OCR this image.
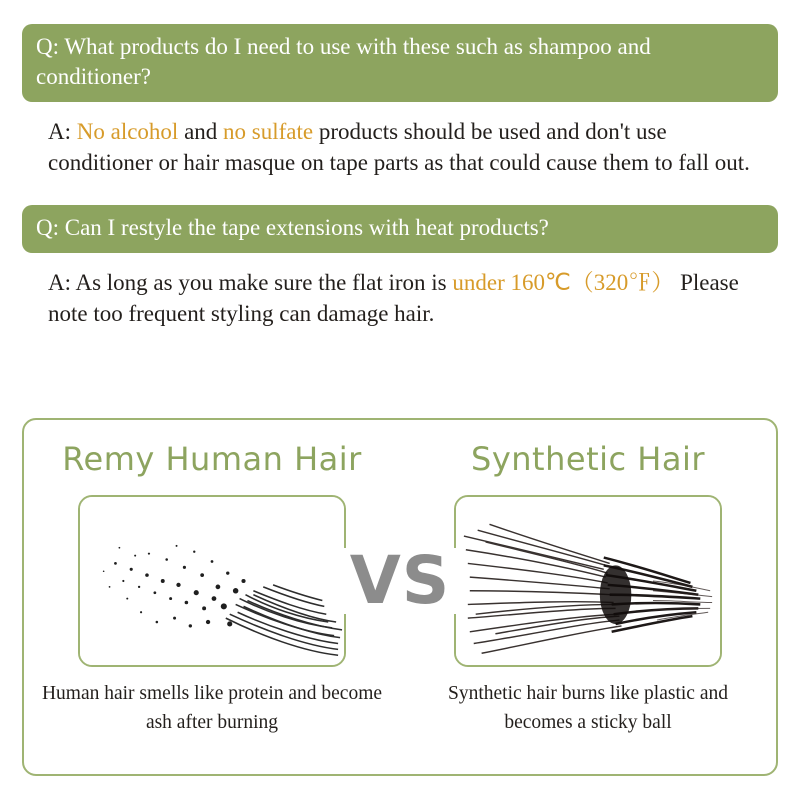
Q: What products do I need to use with these such as shampoo and conditioner?
A: No alcohol and no sulfate products should be used and don't use conditioner or hair masque on tape parts as that could cause them to fall out.
Q: Can I restyle the tape extensions with heat products?
A: As long as you make sure the flat iron is under 160℃（320℉） Please note too frequent styling can damage hair.
Remy Human Hair
Human hair smells like protein and become ash after burning
Synthetic Hair
Synthetic hair burns like plastic and becomes a sticky ball
VS
